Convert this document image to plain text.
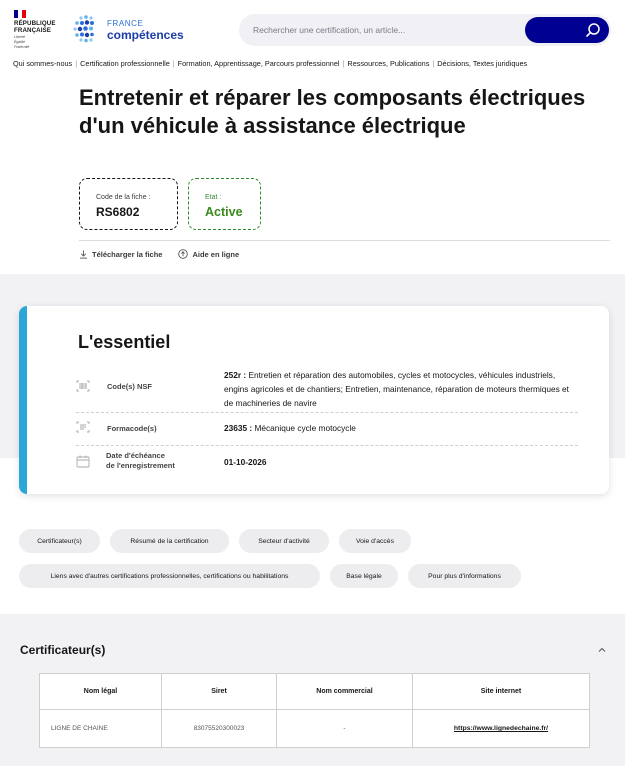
RÉPUBLIQUE
FRANÇAISE
Liberté
Égalité
Fraternité
FRANCE
compétences
Rechercher une certification, un article...
Qui sommes-nous | Certification professionnelle | Formation, Apprentissage, Parcours professionnel | Ressources, Publications | Décisions, Textes juridiques
Entretenir et réparer les composants électriques d'un véhicule à assistance électrique
Code de la fiche :
RS6802
Etat :
Active
Télécharger la fiche	Aide en ligne
L'essentiel
Code(s) NSF
252r : Entretien et réparation des automobiles, cycles et motocycles, véhicules industriels, engins agricoles et de chantiers; Entretien, maintenance, réparation de moteurs thermiques et de machineries de navire
Formacode(s)	23635 : Mécanique cycle motocycle
Date d'échéance
de l'enregistrement	01-10-2026
Certificateur(s)	Résumé de la certification	Secteur d'activité	Voie d'accès
Liens avec d'autres certifications professionnelles, certifications ou habilitations	Base légale	Pour plus d'informations
Certificateur(s)
Nom légal	Siret	Nom commercial	Site internet
LIGNE DE CHAINE	83075520300023	-	https://www.lignedechaine.fr/
